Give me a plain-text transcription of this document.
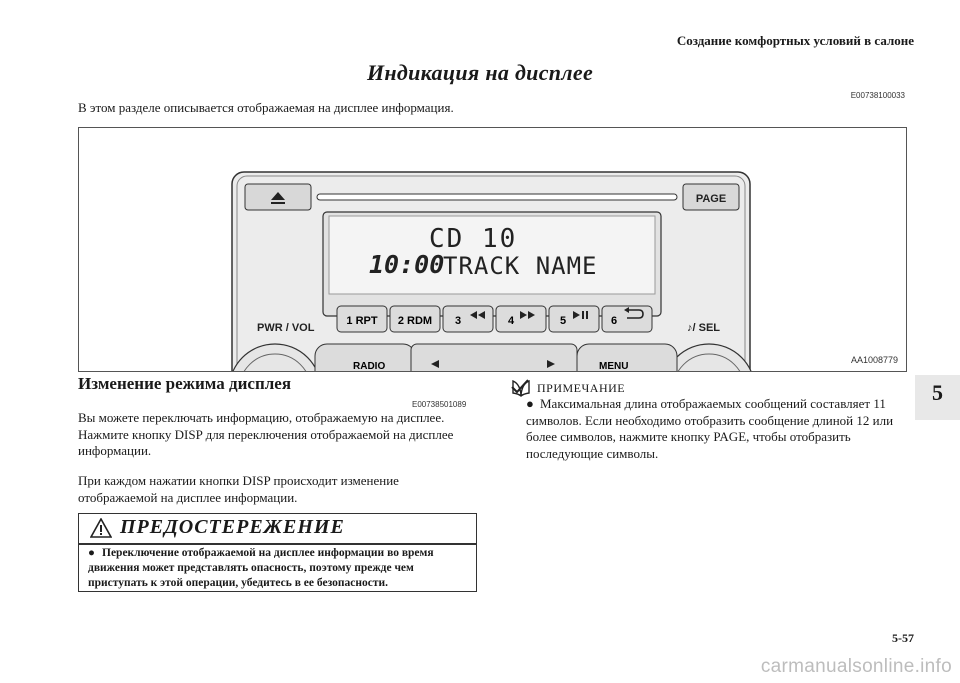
Создание комфортных условий в салоне
Индикация на дисплее
E00738100033
В этом разделе описывается отображаемая на дисплее информация.
PAGE
CD 10
10:00
TRACK NAME
1 RPT 2 RDM 3	4	5	6
PWR / VOL	♪/ SEL
RADIO	MENU
AA1008779
5
Изменение режима дисплея
E00738501089
Вы можете переключать информацию, отображаемую на дисплее. Нажмите кнопку DISP для переключения отображаемой на дисплее информации.
При каждом нажатии кнопки DISP происходит изменение отображаемой на дисплее информации.
ПРЕДОСТЕРЕЖЕНИЕ
● Переключение отображаемой на дисплее информации во время движения может представлять опасность, поэтому прежде чем приступать к этой операции, убедитесь в ее безопасности.
ПРИМЕЧАНИЕ
● Максимальная длина отображаемых сообщений составляет 11 символов. Если необходимо отобразить сообщение длиной 12 или более символов, нажмите кнопку PAGE, чтобы отобразить последующие символы.
5-57
carmanualsonline.info
